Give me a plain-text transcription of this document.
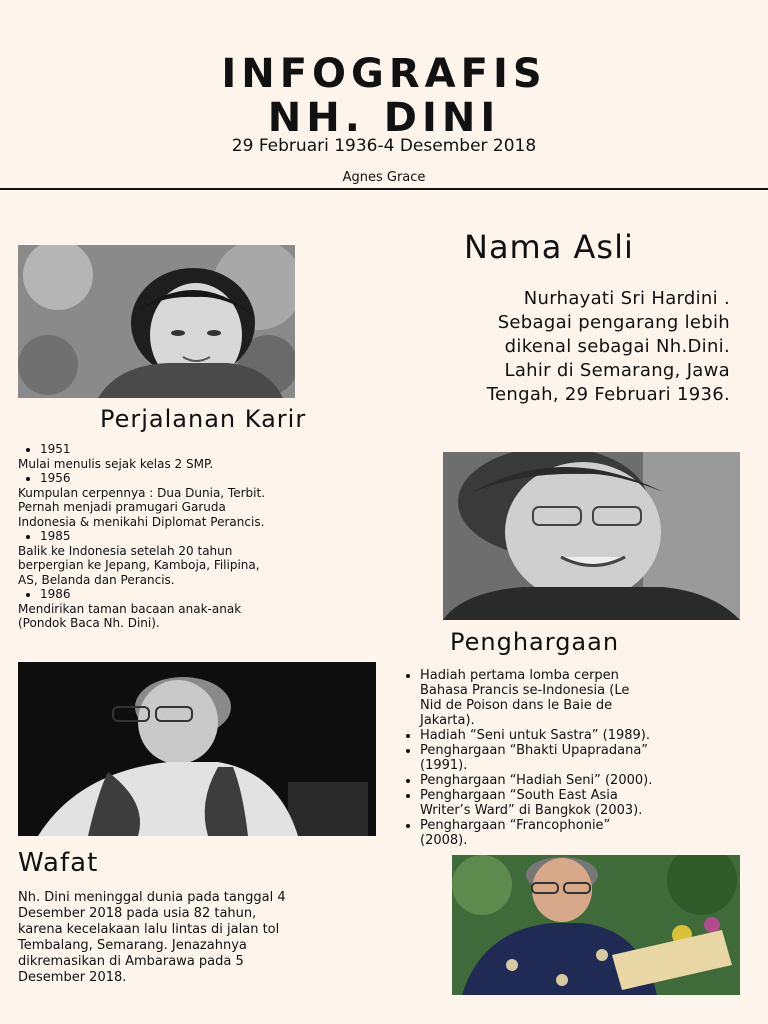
INFOGRAFIS
NH. DINI
29 Februari 1936-4 Desember 2018
Agnes Grace
Nama Asli
Nurhayati Sri Hardini .
Sebagai pengarang lebih
dikenal sebagai Nh.Dini.
Lahir di Semarang, Jawa
Tengah, 29 Februari 1936.
Perjalanan Karir
• 1951
Mulai menulis sejak kelas 2 SMP.
• 1956
Kumpulan cerpennya : Dua Dunia, Terbit.
Pernah menjadi pramugari Garuda
Indonesia & menikahi Diplomat Perancis.
• 1985
Balik ke Indonesia setelah 20 tahun
berpergian ke Jepang, Kamboja, Filipina,
AS, Belanda dan Perancis.
• 1986
Mendirikan taman bacaan anak-anak
(Pondok Baca Nh. Dini).
Penghargaan
• Hadiah pertama lomba cerpen
Bahasa Prancis se-Indonesia (Le
Nid de Poison dans le Baie de
Jakarta).
• Hadiah “Seni untuk Sastra” (1989).
• Penghargaan “Bhakti Upapradana”
(1991).
• Penghargaan “Hadiah Seni” (2000).
• Penghargaan “South East Asia
Writer’s Ward” di Bangkok (2003).
• Penghargaan “Francophonie”
(2008).
Wafat
Nh. Dini meninggal dunia pada tanggal 4
Desember 2018 pada usia 82 tahun,
karena kecelakaan lalu lintas di jalan tol
Tembalang, Semarang. Jenazahnya
dikremasikan di Ambarawa pada 5
Desember 2018.
